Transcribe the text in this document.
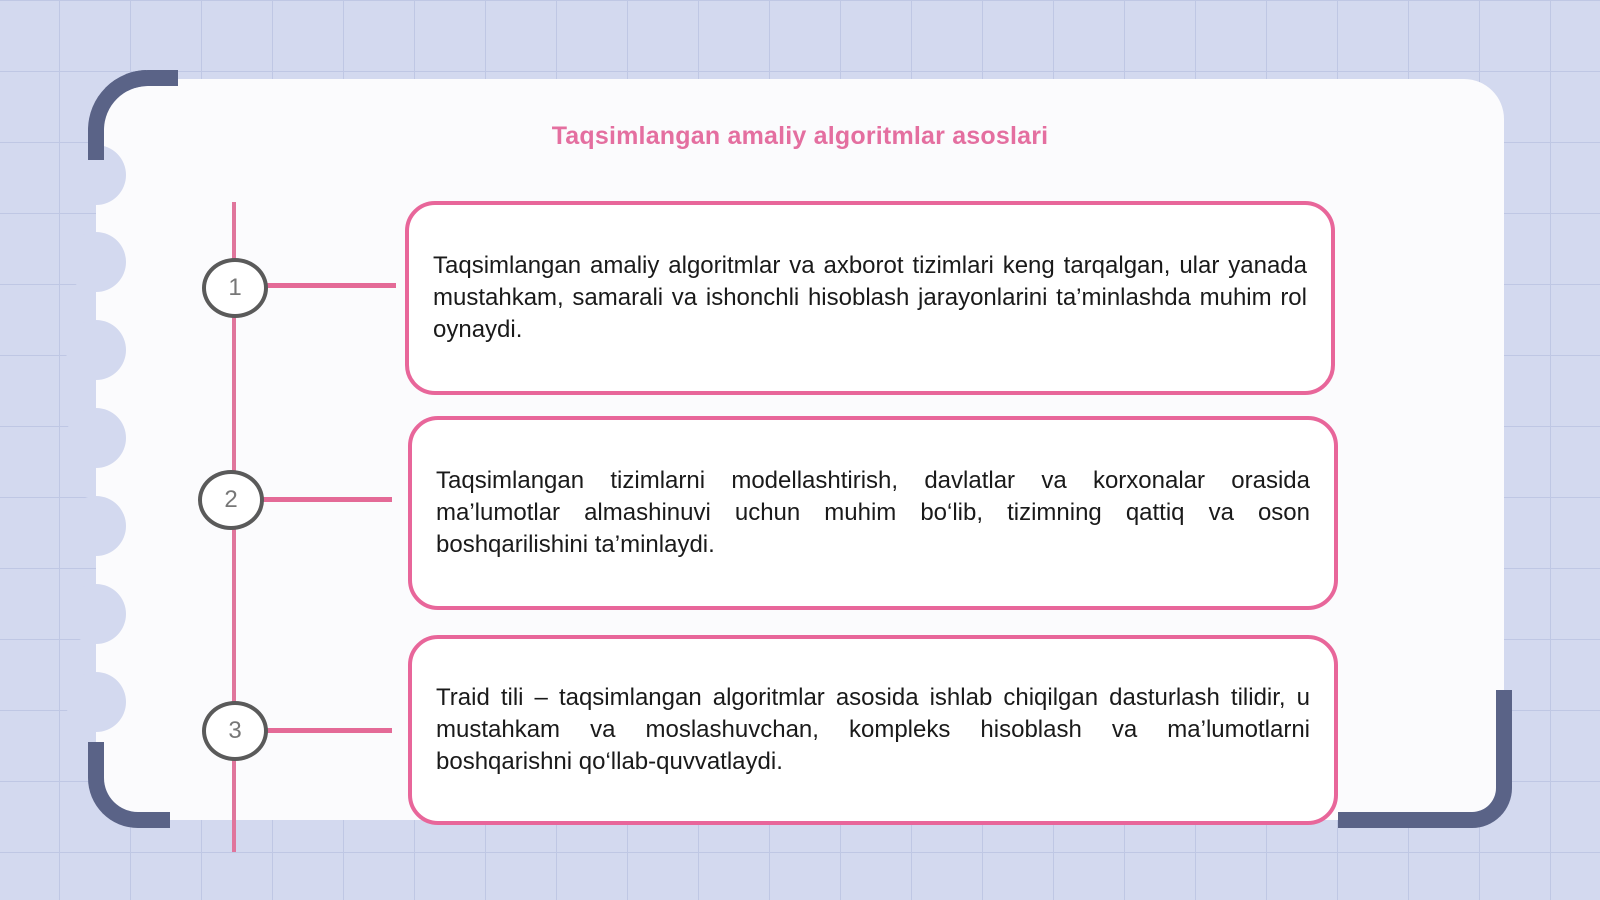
Taqsimlangan amaliy algoritmlar asoslari
1
2
3

Taqsimlangan amaliy algoritmlar va axborot tizimlari keng tarqalgan, ular yanada mustahkam, samarali va ishonchli hisoblash jarayonlarini ta’minlashda muhim rol oynaydi.

Taqsimlangan tizimlarni modellashtirish, davlatlar va korxonalar orasida ma’lumotlar almashinuvi uchun muhim bo‘lib, tizimning qattiq va oson boshqarilishini ta’minlaydi.

Traid tili – taqsimlangan algoritmlar asosida ishlab chiqilgan dasturlash tilidir, u mustahkam va moslashuvchan, kompleks hisoblash va ma’lumotlarni boshqarishni qo‘llab-quvvatlaydi.
